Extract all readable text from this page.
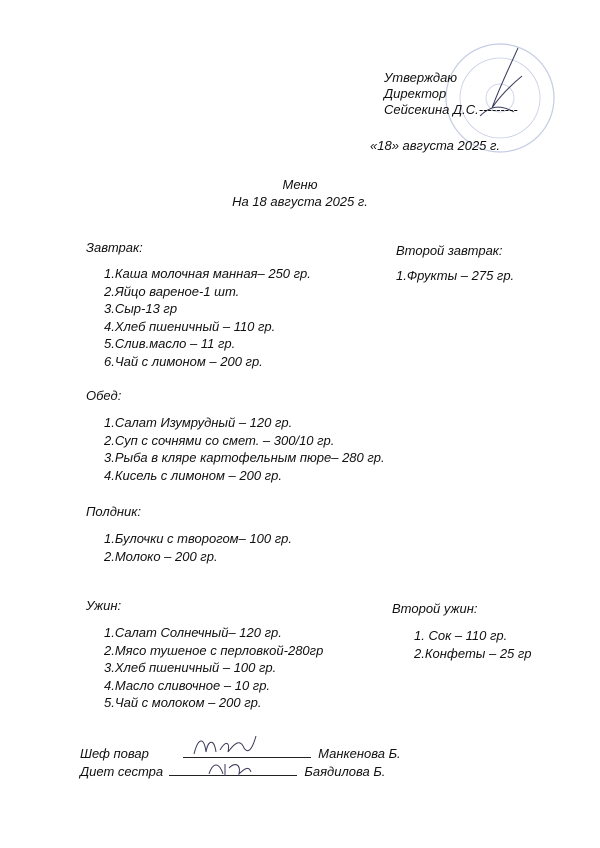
Утверждаю
Директор
Сейсекина Д.С.---------
«18» августа 2025 г.
Меню
На 18 августа 2025 г.
Завтрак:
1.Каша молочная манная– 250 гр.
2.Яйцо вареное-1 шт.
3.Сыр-13 гр
4.Хлеб пшеничный – 110 гр.
5.Слив.масло – 11 гр.
6.Чай с лимоном – 200 гр.
Второй завтрак:
1.Фрукты – 275 гр.
Обед:
1.Салат Изумрудный – 120 гр.
2.Суп с сочнями со смет. – 300/10 гр.
3.Рыба в кляре картофельным пюре– 280 гр.
4.Кисель с лимоном – 200 гр.
Полдник:
1.Булочки с творогом– 100 гр.
2.Молоко – 200 гр.
Ужин:
1.Салат Солнечный– 120 гр.
2.Мясо тушеное с перловкой-280гр
3.Хлеб пшеничный – 100 гр.
4.Масло сливочное – 10 гр.
5.Чай с молоком – 200 гр.
Второй ужин:
1. Сок – 110 гр.
2.Конфеты – 25 гр
Шеф повар	Манкенова Б.
Диет сестра	Баядилова Б.
